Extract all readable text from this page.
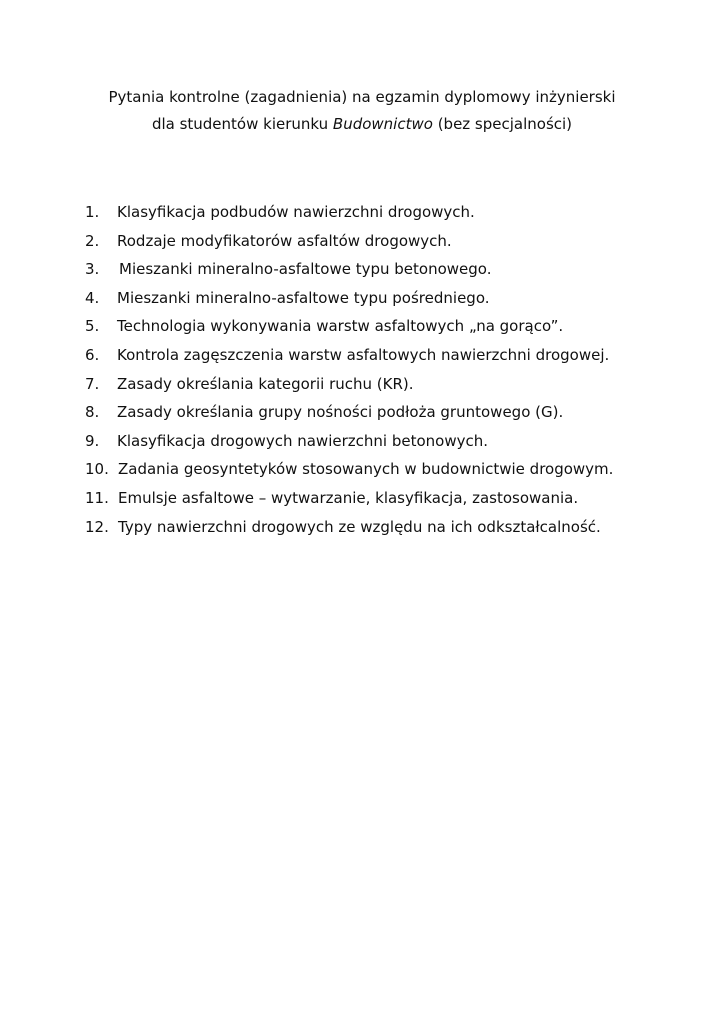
Pytania kontrolne (zagadnienia) na egzamin dyplomowy inżynierski
dla studentów kierunku Budownictwo (bez specjalności)
1.	Klasyfikacja podbudów nawierzchni drogowych.
2.	Rodzaje modyfikatorów asfaltów drogowych.
3.	Mieszanki mineralno-asfaltowe typu betonowego.
4.	Mieszanki mineralno-asfaltowe typu pośredniego.
5.	Technologia wykonywania warstw asfaltowych „na gorąco”.
6.	Kontrola zagęszczenia warstw asfaltowych nawierzchni drogowej.
7.	Zasady określania kategorii ruchu (KR).
8.	Zasady określania grupy nośności podłoża gruntowego (G).
9.	Klasyfikacja drogowych nawierzchni betonowych.
10. Zadania geosyntetyków stosowanych w budownictwie drogowym.
11. Emulsje asfaltowe – wytwarzanie, klasyfikacja, zastosowania.
12. Typy nawierzchni drogowych ze względu na ich odkształcalność.
